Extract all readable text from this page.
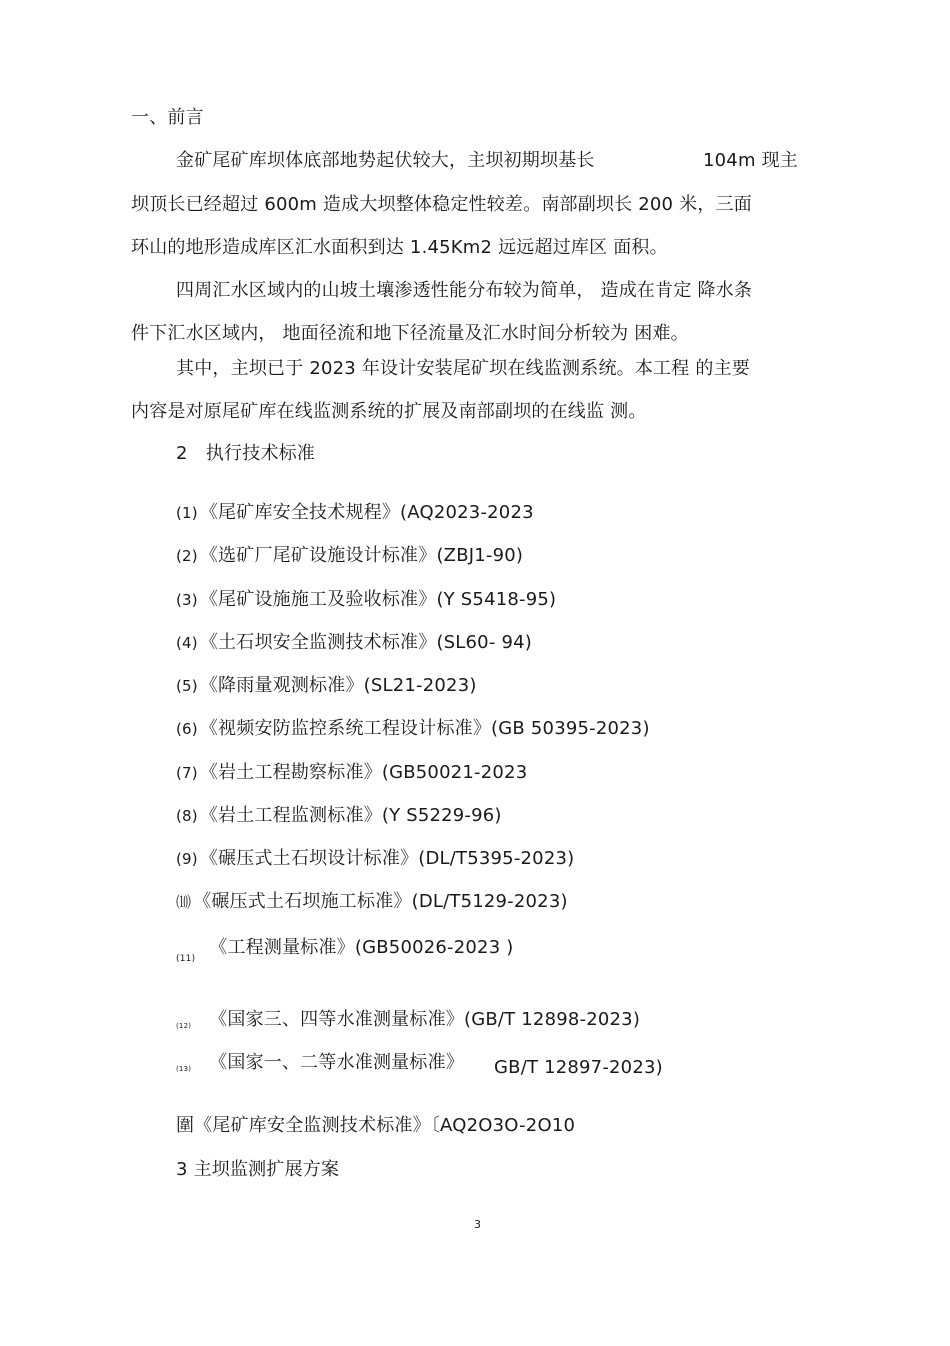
一、前言
金矿尾矿库坝体底部地势起伏较大，主坝初期坝基长	104m 现主
坝顶长已经超过 600m 造成大坝整体稳定性较差。南部副坝长 200 米，三面
环山的地形造成库区汇水面积到达 1.45Km2 远远超过库区 面积。
四周汇水区域内的山坡土壤渗透性能分布较为简单， 造成在肯定 降水条
件下汇水区域内， 地面径流和地下径流量及汇水时间分析较为 困难。
其中，主坝已于 2023 年设计安装尾矿坝在线监测系统。本工程 的主要
内容是对原尾矿库在线监测系统的扩展及南部副坝的在线监 测。
2　执行技术标准
(1) 《尾矿库安全技术规程》(AQ2023-2023
(2) 《选矿厂尾矿设施设计标准》(ZBJ1-90)
(3) 《尾矿设施施工及验收标准》(Y S5418-95)
(4) 《土石坝安全监测技术标准》(SL60- 94)
(5) 《降雨量观测标准》(SL21-2023)
(6) 《视频安防监控系统工程设计标准》(GB 50395-2023)
(7) 《岩土工程勘察标准》(GB50021-2023
(8) 《岩土工程监测标准》(Y S5229-96)
(9) 《碾压式土石坝设计标准》(DL/T5395-2023)
⑽ 《碾压式土石坝施工标准》(DL/T5129-2023)
(11)《工程测量标准》(GB50026-2023 )
(12) 《国家三、四等水准测量标准》(GB/T 12898-2023)
(13) 《国家一、二等水准测量标准》 GB/T 12897-2023)
圍《尾矿库安全监测技术标准》〔AQ2O3O-2O10
3 主坝监测扩展方案
3
